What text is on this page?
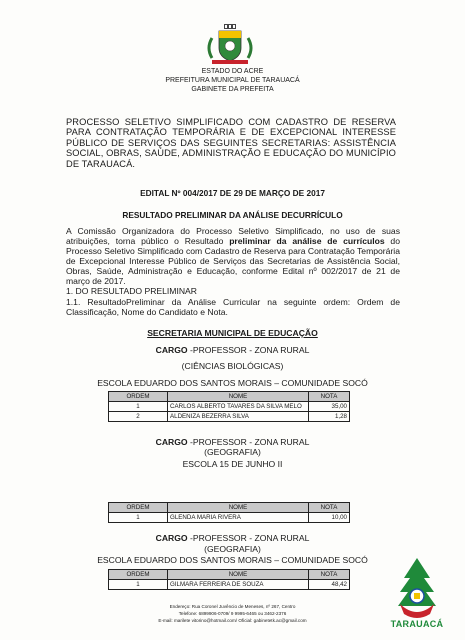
ESTADO DO ACRE
PREFEITURA MUNICIPAL DE TARAUACÁ
GABINETE DA PREFEITA
PROCESSO SELETIVO SIMPLIFICADO COM CADASTRO DE RESERVA PARA CONTRATAÇÃO TEMPORÁRIA E DE EXCEPCIONAL INTERESSE PÚBLICO DE SERVIÇOS DAS SEGUINTES SECRETARIAS: ASSISTÊNCIA SOCIAL, OBRAS, SAÚDE, ADMINISTRAÇÃO E EDUCAÇÃO DO MUNICÍPIO DE TARAUACÁ.
EDITAL Nº 004/2017 DE 29 DE MARÇO DE 2017
RESULTADO PRELIMINAR DA ANÁLISE DECURRÍCULO
A Comissão Organizadora do Processo Seletivo Simplificado, no uso de suas atribuições, torna público o Resultado preliminar da análise de currículos do Processo Seletivo Simplificado com Cadastro de Reserva para Contratação Temporária de Excepcional Interesse Público de Serviços das Secretarias de Assistência Social, Obras, Saúde, Administração e Educação, conforme Edital nº 002/2017 de 21 de março de 2017.
1. DO RESULTADO PRELIMINAR
1.1. ResultadoPreliminar da Análise Curricular na seguinte ordem: Ordem de Classificação, Nome do Candidato e Nota.
SECRETARIA MUNICIPAL DE EDUCAÇÃO
CARGO -PROFESSOR - ZONA RURAL
(CIÊNCIAS BIOLÓGICAS)
ESCOLA EDUARDO DOS SANTOS MORAIS – COMUNIDADE SOCÓ
ORDEM	NOME	NOTA
1	CARLOS ALBERTO TAVARES DA SILVA MELO	35,00
2	ALDENIZA BEZERRA SILVA	1,28
CARGO -PROFESSOR - ZONA RURAL
(GEOGRAFIA)
ESCOLA 15 DE JUNHO II
ORDEM	NOME	NOTA
1	GLENDA MARIA RIVERA	10,00
CARGO -PROFESSOR - ZONA RURAL
(GEOGRAFIA)
ESCOLA EDUARDO DOS SANTOS MORAIS – COMUNIDADE SOCÓ
ORDEM	NOME	NOTA
1	GILMARA FERREIRA DE SOUZA	48,42
Endereço: Rua Coronel Juvêncio de Meneses, nº 267, Centro
Telefone: 6899906-0709/ 9 9995-6465 ou 3462-2376
E-mail: marilete vitorino@hotmail.com/ Oficial: gabinetetk.ac@gmail.com	TARAUACÁ
